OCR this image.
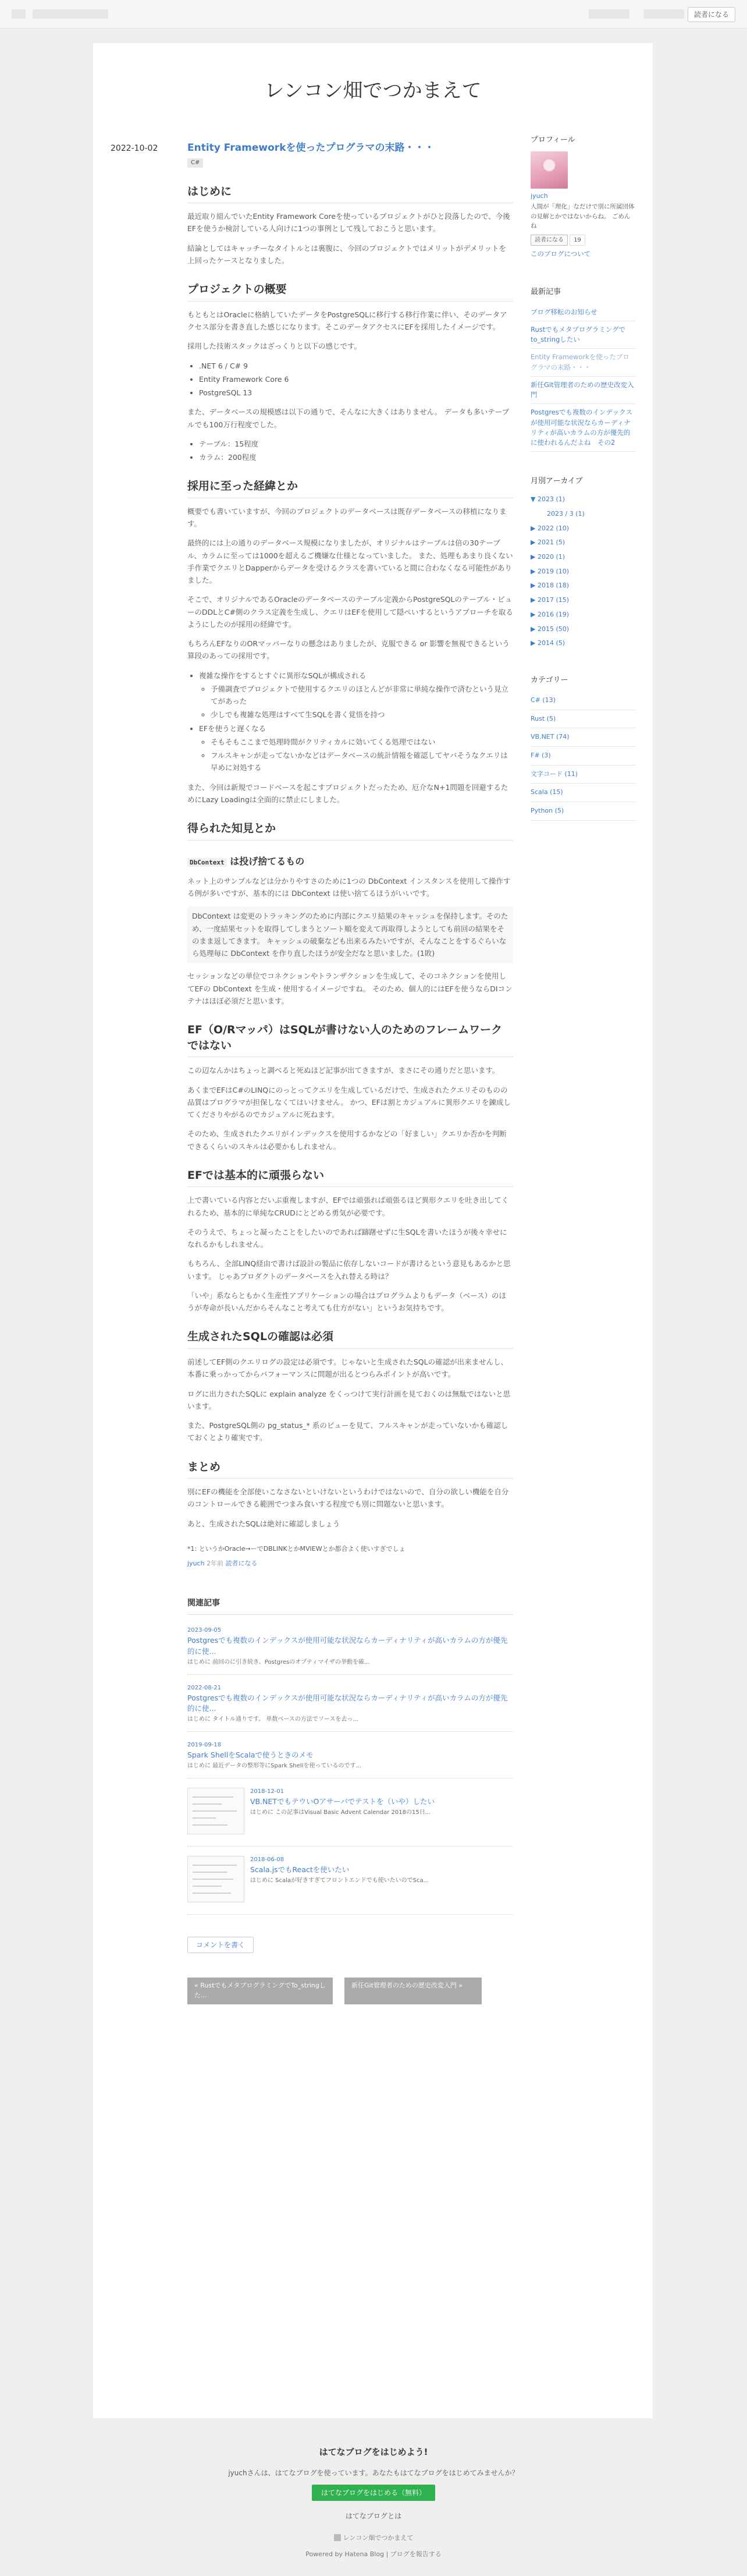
読者になる
レンコン畑でつかまえて
2022-10-02	Entity Frameworkを使ったプログラマの末路・・・
C#
はじめに

最近取り組んでいたEntity Framework Coreを使っているプロジェクトがひと段落したので、今後EFを使うか検討している人向けに1つの事例として残しておこうと思います。

結論としてはキャッチーなタイトルとは裏腹に、今回のプロジェクトではメリットがデメリットを上回ったケースとなりました。

プロジェクトの概要

もともとはOracleに格納していたデータをPostgreSQLに移行する移行作業に伴い、そのデータアクセス部分を書き直した感じになります。そこのデータアクセスにEFを採用したイメージです。

採用した技術スタックはざっくりと以下の感じです。

• .NET 6 / C# 9
• Entity Framework Core 6
• PostgreSQL 13

また、データベースの規模感は以下の通りで、そんなに大きくはありません。 データも多いテーブルでも100万行程度でした。

• テーブル：15程度
• カラム：200程度
採用に至った経緯とか

概要でも書いていますが、今回のプロジェクトのデータベースは既存データベースの移植になります。

最終的には上の通りのデータベース規模になりましたが、オリジナルはテーブルは倍の30テーブル、カラムに至っては1000を超えるご機嫌な仕様となっていました。 また、処理もあまり良くない手作業でクエリとDapperからデータを受けるクラスを書いていると間に合わなくなる可能性がありました。

そこで、オリジナルであるOracleのデータベースのテーブル定義からPostgreSQLのテーブル・ビューのDDLとC#側のクラス定義を生成し、クエリはEFを使用して隠ぺいするというアプローチを取るようにしたのが採用の経緯です。

もちろんEFなりのORマッパーなりの懸念はありましたが、克服できる or 影響を無視できるという算段のあっての採用です。

• 複雑な操作をするとすぐに異形なSQLが構成される
◦ 予備調査でプロジェクトで使用するクエリのほとんどが非常に単純な操作で済むという見立てがあった
◦ 少しでも複雑な処理はすべて生SQLを書く覚悟を持つ
• EFを使うと遅くなる
◦ そもそもここまで処理時間がクリティカルに効いてくる処理ではない
◦ フルスキャンが走ってないかなどはデータベースの統計情報を確認してヤバそうなクエリは早めに対処する

また、今回は新規でコードベースを起こすプロジェクトだったため、厄介なN+1問題を回避するためにLazy Loadingは全面的に禁止にしました。

得られた知見とか
DbContext は投げ捨てるもの

ネット上のサンプルなどは分かりやすさのために1つの DbContext インスタンスを使用して操作する例が多いですが、基本的には DbContext は使い捨てるほうがいいです。

DbContext は変更のトラッキングのために内部にクエリ結果のキャッシュを保持します。そのため、一度結果セットを取得してしまうとソート順を変えて再取得しようとしても前回の結果をそのまま返してきます。 キャッシュの破棄なども出来るみたいですが、そんなことをするぐらいなら処理毎に DbContext を作り直したほうが安全だなと思いました。(1敗)

セッションなどの単位でコネクションやトランザクションを生成して、そのコネクションを使用してEFの DbContext を生成・使用するイメージですね。 そのため、個人的にはEFを使うならDIコンテナはほぼ必須だと思います。

EF（O/Rマッパ）はSQLが書けない人のためのフレームワークではない

この辺なんかはちょっと調べると死ぬほど記事が出てきますが、まさにその通りだと思います。

あくまでEFはC#のLINQにのっとってクエリを生成しているだけで、生成されたクエリそのものの品質はプログラマが担保しなくてはいけません。 かつ、EFは割とカジュアルに異形クエリを錬成してくださりやがるのでカジュアルに死ねます。

そのため、生成されたクエリがインデックスを使用するかなどの「好ましい」クエリか否かを判断できるくらいのスキルは必要かもしれません。

EFでは基本的に頑張らない

上で書いている内容とだいぶ重複しますが、EFでは頑張れば頑張るほど異形クエリを吐き出してくれるため、基本的に単純なCRUDにとどめる勇気が必要です。

そのうえで、ちょっと凝ったことをしたいのであれば躊躇せずに生SQLを書いたほうが後々幸せになれるかもしれません。

もちろん、全部LINQ経由で書けば設計の製品に依存しないコードが書けるという意見もあるかと思います。 じゃあプロダクトのデータベースを入れ替える時は？

「いや」系ならともかく生産性アプリケーションの場合はプログラムよりもデータ（ベース）のほうが寿命が長いんだからそんなこと考えても仕方がない」というお気持ちです。

生成されたSQLの確認は必須

前述してEF側のクエリログの設定は必須です。じゃないと生成されたSQLの確認が出来ませんし、本番に乗っかってからパフォーマンスに問題が出るとつらみポイントが高いです。

ログに出力されたSQLに explain analyze をくっつけて実行計画を見ておくのは無駄ではないと思います。

また、PostgreSQL側の pg_status_* 系のビューを見て、フルスキャンが走っていないかも確認しておくとより確実です。

まとめ

別にEFの機能を全部使いこなさないといけないというわけではないので、自分の欲しい機能を自分のコントロールできる範囲でつまみ食いする程度でも別に問題ないと思います。

あと、生成されたSQLは絶対に確認しましょう

*1: というかOracle→ーでDBLINKとかMVIEWとか都合よく使いすぎでしょ
jyuch 2年前 読者になる
関連記事
2023-09-05
Postgresでも複数のインデックスが使用可能な状況ならカーディナリティが高いカラムの方が優先的に使...
はじめに 前回のに引き続き、Postgresのオプティマイザの挙動を確...
2022-08-21
Postgresでも複数のインデックスが使用可能な状況ならカーディナリティが高いカラムの方が優先的に使...
はじめに タイトル通りです。 単数ベースの方法でソースを去っ...
2019-09-18
Spark ShellをScalaで使うときのメモ
はじめに 最近データの整形等にSpark Shellを使っているのです...
2018-12-01
VB.NETでもテウいOアサーバでテストを（いや）したい
はじめに この記事はVisual Basic Advent Calendar 2018の15日...
2018-06-08
Scala.jsでもReactを使いたい
はじめに Scalaが好きすぎてフロントエンドでも使いたいのでSca...
コメントを書く
« RustでもメタプログラミングでTo_stringした...
新任Git管理者のための歴史改変入門 »
プロフィール
jyuch
人間が「理化」なだけで別に所属団体の見解とかではないからね。 ごめんね
読者になる 19
このブログについて
最新記事
ブログ移転のお知らせ
Rustでもメタプログラミングでto_stringしたい
Entity Frameworkを使ったプログラマの末路・・・
新任Git管理者のための歴史改変入門
Postgresでも複数のインデックスが使用可能な状況ならカーディナリティが高いカラムの方が優先的に使われるんだよね　その2
月別アーカイブ
▼ 2023 (1)
2023 / 3 (1)
▶ 2022 (10)
▶ 2021 (5)
▶ 2020 (1)
▶ 2019 (10)
▶ 2018 (18)
▶ 2017 (15)
▶ 2016 (19)
▶ 2015 (50)
▶ 2014 (5)
カテゴリー
C# (13)
Rust (5)
VB.NET (74)
F# (3)
文字コード (11)
Scala (15)
Python (5)
はてなブログをはじめよう!
jyuchさんは、はてなブログを使っています。あなたもはてなブログをはじめてみませんか？
はてなブログをはじめる（無料）
はてなブログとは
レンコン畑でつかまえて
Powered by Hatena Blog | ブログを報告する
